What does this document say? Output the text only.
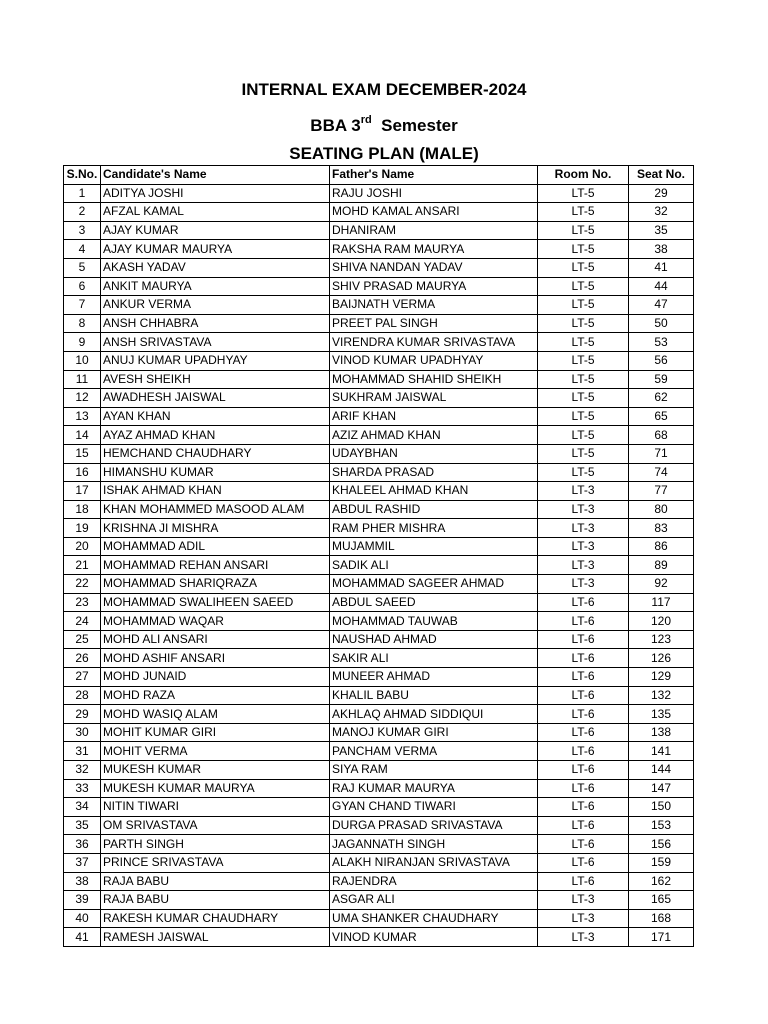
INTERNAL EXAM DECEMBER-2024
BBA 3rd Semester
SEATING PLAN (MALE)
S.No.	Candidate's Name	Father's Name	Room No.	Seat No.
1	ADITYA JOSHI	RAJU JOSHI	LT-5	29
2	AFZAL KAMAL	MOHD KAMAL ANSARI	LT-5	32
3	AJAY KUMAR	DHANIRAM	LT-5	35
4	AJAY KUMAR MAURYA	RAKSHA RAM MAURYA	LT-5	38
5	AKASH YADAV	SHIVA NANDAN YADAV	LT-5	41
6	ANKIT MAURYA	SHIV PRASAD MAURYA	LT-5	44
7	ANKUR VERMA	BAIJNATH VERMA	LT-5	47
8	ANSH CHHABRA	PREET PAL SINGH	LT-5	50
9	ANSH SRIVASTAVA	VIRENDRA KUMAR SRIVASTAVA	LT-5	53
10	ANUJ KUMAR UPADHYAY	VINOD KUMAR UPADHYAY	LT-5	56
11	AVESH SHEIKH	MOHAMMAD SHAHID SHEIKH	LT-5	59
12	AWADHESH JAISWAL	SUKHRAM JAISWAL	LT-5	62
13	AYAN KHAN	ARIF KHAN	LT-5	65
14	AYAZ AHMAD KHAN	AZIZ AHMAD KHAN	LT-5	68
15	HEMCHAND CHAUDHARY	UDAYBHAN	LT-5	71
16	HIMANSHU KUMAR	SHARDA PRASAD	LT-5	74
17	ISHAK AHMAD KHAN	KHALEEL AHMAD KHAN	LT-3	77
18	KHAN MOHAMMED MASOOD ALAM	ABDUL RASHID	LT-3	80
19	KRISHNA JI MISHRA	RAM PHER MISHRA	LT-3	83
20	MOHAMMAD ADIL	MUJAMMIL	LT-3	86
21	MOHAMMAD REHAN ANSARI	SADIK ALI	LT-3	89
22	MOHAMMAD SHARIQRAZA	MOHAMMAD SAGEER AHMAD	LT-3	92
23	MOHAMMAD SWALIHEEN SAEED	ABDUL SAEED	LT-6	117
24	MOHAMMAD WAQAR	MOHAMMAD TAUWAB	LT-6	120
25	MOHD ALI ANSARI	NAUSHAD AHMAD	LT-6	123
26	MOHD ASHIF ANSARI	SAKIR ALI	LT-6	126
27	MOHD JUNAID	MUNEER AHMAD	LT-6	129
28	MOHD RAZA	KHALIL BABU	LT-6	132
29	MOHD WASIQ ALAM	AKHLAQ AHMAD SIDDIQUI	LT-6	135
30	MOHIT KUMAR GIRI	MANOJ KUMAR GIRI	LT-6	138
31	MOHIT VERMA	PANCHAM VERMA	LT-6	141
32	MUKESH KUMAR	SIYA RAM	LT-6	144
33	MUKESH KUMAR MAURYA	RAJ KUMAR MAURYA	LT-6	147
34	NITIN TIWARI	GYAN CHAND TIWARI	LT-6	150
35	OM SRIVASTAVA	DURGA PRASAD SRIVASTAVA	LT-6	153
36	PARTH SINGH	JAGANNATH SINGH	LT-6	156
37	PRINCE SRIVASTAVA	ALAKH NIRANJAN SRIVASTAVA	LT-6	159
38	RAJA BABU	RAJENDRA	LT-6	162
39	RAJA BABU	ASGAR ALI	LT-3	165
40	RAKESH KUMAR CHAUDHARY	UMA SHANKER CHAUDHARY	LT-3	168
41	RAMESH JAISWAL	VINOD KUMAR	LT-3	171
